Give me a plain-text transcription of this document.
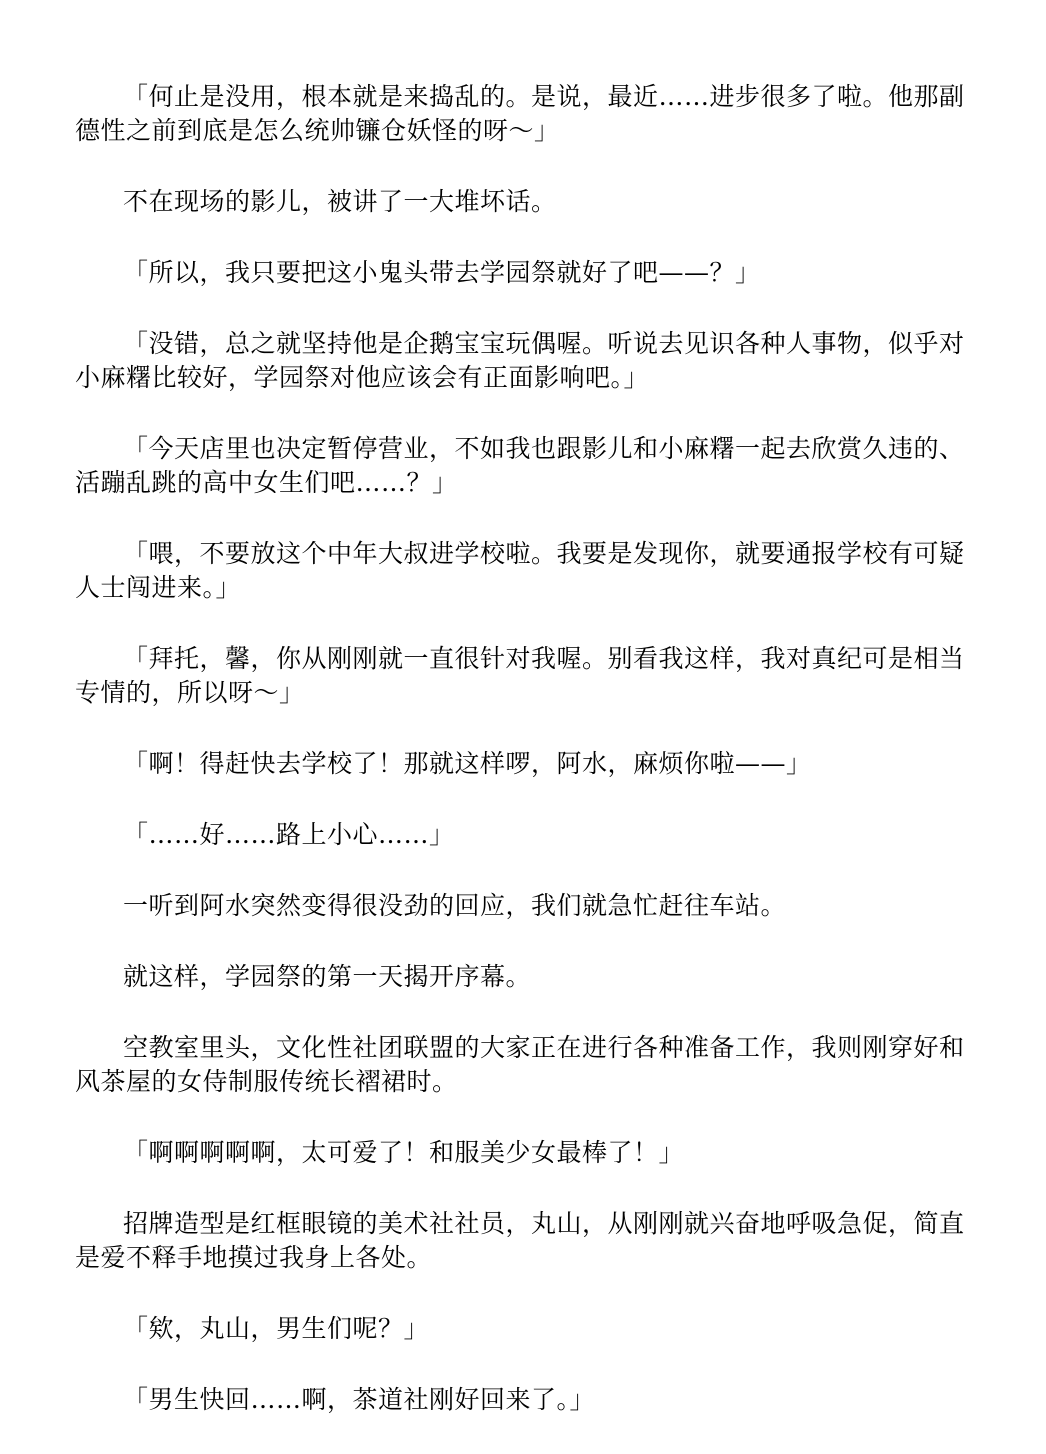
「何止是没用，根本就是来捣乱的。是说，最近……进步很多了啦。他那副德性之前到底是怎么统帅镰仓妖怪的呀～」

不在现场的影儿，被讲了一大堆坏话。

「所以，我只要把这小鬼头带去学园祭就好了吧——？」

「没错，总之就坚持他是企鹅宝宝玩偶喔。听说去见识各种人事物，似乎对小麻糬比较好，学园祭对他应该会有正面影响吧。」

「今天店里也决定暂停营业，不如我也跟影儿和小麻糬一起去欣赏久违的、活蹦乱跳的高中女生们吧……？」

「喂，不要放这个中年大叔进学校啦。我要是发现你，就要通报学校有可疑人士闯进来。」

「拜托，馨，你从刚刚就一直很针对我喔。别看我这样，我对真纪可是相当专情的，所以呀～」

「啊！得赶快去学校了！那就这样啰，阿水，麻烦你啦——」

「……好……路上小心……」

一听到阿水突然变得很没劲的回应，我们就急忙赶往车站。

就这样，学园祭的第一天揭开序幕。

空教室里头，文化性社团联盟的大家正在进行各种准备工作，我则刚穿好和风茶屋的女侍制服传统长褶裙时。

「啊啊啊啊啊，太可爱了！和服美少女最棒了！」

招牌造型是红框眼镜的美术社社员，丸山，从刚刚就兴奋地呼吸急促，简直是爱不释手地摸过我身上各处。

「欸，丸山，男生们呢？」

「男生快回……啊，茶道社刚好回来了。」
